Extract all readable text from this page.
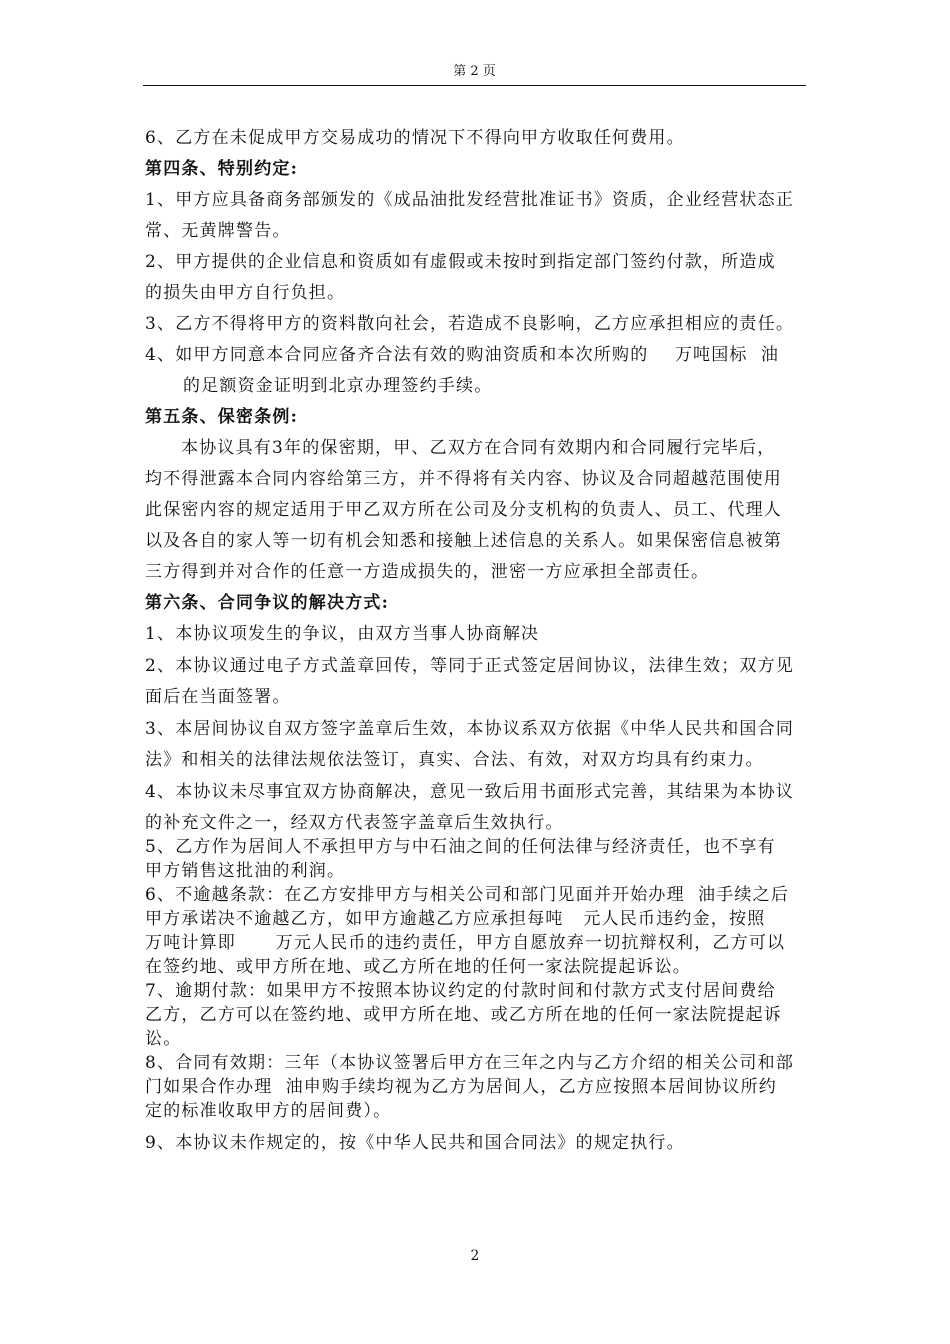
第 2 页
6、乙方在未促成甲方交易成功的情况下不得向甲方收取任何费用。
第四条、特别约定:
1、甲方应具备商务部颁发的《成品油批发经营批准证书》资质，企业经营状态正
常、无黄牌警告。
2、甲方提供的企业信息和资质如有虚假或未按时到指定部门签约付款，所造成
的损失由甲方自行负担。
3、乙方不得将甲方的资料散向社会，若造成不良影响，乙方应承担相应的责任。
4、如甲方同意本合同应备齐合法有效的购油资质和本次所购的    万吨国标  油
的足额资金证明到北京办理签约手续。
第五条、保密条例:
本协议具有3年的保密期，甲、乙双方在合同有效期内和合同履行完毕后，
均不得泄露本合同内容给第三方，并不得将有关内容、协议及合同超越范围使用
此保密内容的规定适用于甲乙双方所在公司及分支机构的负责人、员工、代理人
以及各自的家人等一切有机会知悉和接触上述信息的关系人。如果保密信息被第
三方得到并对合作的任意一方造成损失的，泄密一方应承担全部责任。
第六条、合同争议的解决方式:
1、本协议项发生的争议，由双方当事人协商解决
2、本协议通过电子方式盖章回传，等同于正式签定居间协议，法律生效；双方见
面后在当面签署。
3、本居间协议自双方签字盖章后生效，本协议系双方依据《中华人民共和国合同
法》和相关的法律法规依法签订，真实、合法、有效，对双方均具有约束力。
4、本协议未尽事宜双方协商解决，意见一致后用书面形式完善，其结果为本协议
的补充文件之一，经双方代表签字盖章后生效执行。
5、乙方作为居间人不承担甲方与中石油之间的任何法律与经济责任，也不享有
甲方销售这批油的利润。
6、不逾越条款：在乙方安排甲方与相关公司和部门见面并开始办理  油手续之后
甲方承诺决不逾越乙方，如甲方逾越乙方应承担每吨   元人民币违约金，按照
万吨计算即      万元人民币的违约责任，甲方自愿放弃一切抗辩权利，乙方可以
在签约地、或甲方所在地、或乙方所在地的任何一家法院提起诉讼。
7、逾期付款：如果甲方不按照本协议约定的付款时间和付款方式支付居间费给
乙方，乙方可以在签约地、或甲方所在地、或乙方所在地的任何一家法院提起诉
讼。
8、合同有效期：三年（本协议签署后甲方在三年之内与乙方介绍的相关公司和部
门如果合作办理  油申购手续均视为乙方为居间人，乙方应按照本居间协议所约
定的标准收取甲方的居间费）。
9、本协议未作规定的，按《中华人民共和国合同法》的规定执行。
2
